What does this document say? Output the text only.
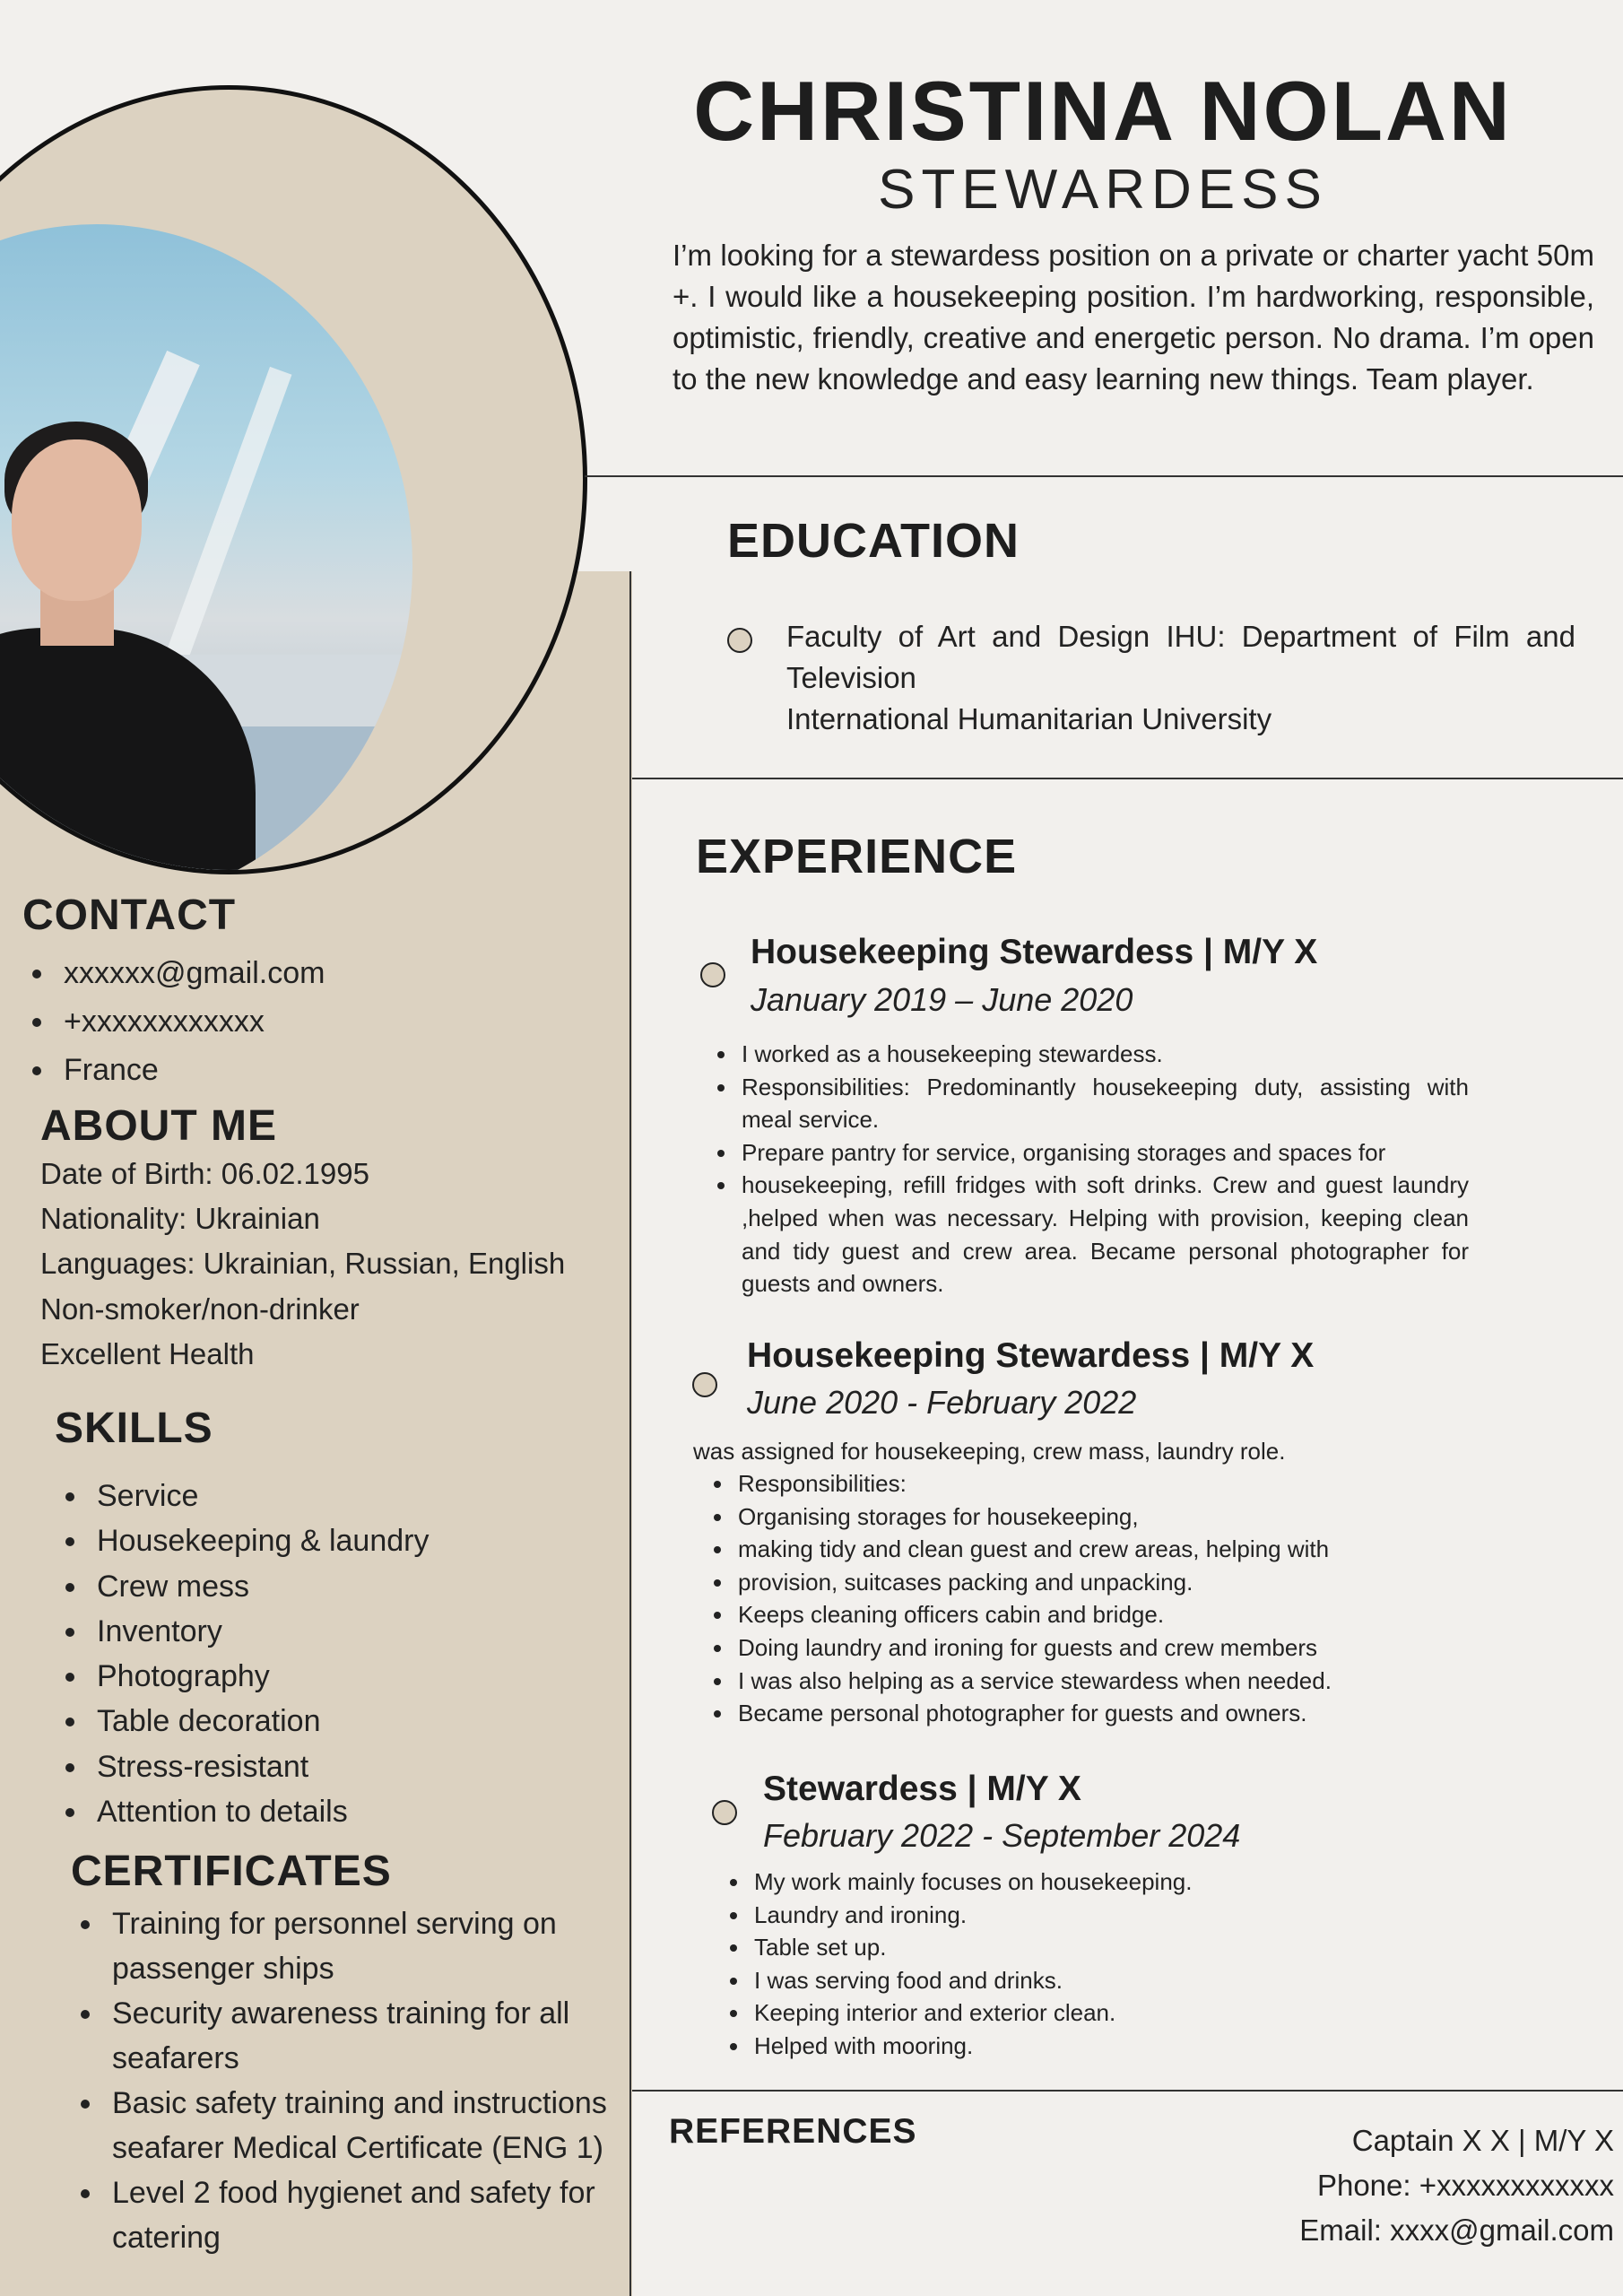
CHRISTINA NOLAN
STEWARDESS
I’m looking for a stewardess position on a private or charter yacht 50m +. I would like a housekeeping position. I’m hardworking, responsible, optimistic, friendly, creative and energetic person. No drama. I’m open to the new knowledge and easy learning new things. Team player.
EDUCATION
Faculty of Art and Design IHU: Department of Film and Television
International Humanitarian University
EXPERIENCE
Housekeeping Stewardess | M/Y X
January 2019 – June 2020
• I worked as a housekeeping stewardess.
• Responsibilities: Predominantly housekeeping duty, assisting with meal service.
• Prepare pantry for service, organising storages and spaces for
• housekeeping, refill fridges with soft drinks. Crew and guest laundry ,helped when was necessary. Helping with provision, keeping clean and tidy guest and crew area. Became personal photographer for guests and owners.
Housekeeping Stewardess | M/Y X
June 2020 - February 2022
was assigned for housekeeping, crew mass, laundry role.
• Responsibilities:
• Organising storages for housekeeping,
• making tidy and clean guest and crew areas, helping with
• provision, suitcases packing and unpacking.
• Keeps cleaning officers cabin and bridge.
• Doing laundry and ironing for guests and crew members
• I was also helping as a service stewardess when needed.
• Became personal photographer for guests and owners.
Stewardess | M/Y X
February 2022 - September 2024
• My work mainly focuses on housekeeping.
• Laundry and ironing.
• Table set up.
• I was serving food and drinks.
• Keeping interior and exterior clean.
• Helped with mooring.
REFERENCES	Captain X X | M/Y X
Phone: +xxxxxxxxxxxx
Email: xxxx@gmail.com
CONTACT
• xxxxxx@gmail.com
• +xxxxxxxxxxxx
• France
ABOUT ME
Date of Birth: 06.02.1995
Nationality: Ukrainian
Languages: Ukrainian, Russian, English
Non-smoker/non-drinker
Excellent Health
SKILLS
• Service
• Housekeeping & laundry
• Crew mess
• Inventory
• Photography
• Table decoration
• Stress-resistant
• Attention to details
CERTIFICATES
• Training for personnel serving on passenger ships
• Security awareness training for all seafarers
• Basic safety training and instructions seafarer Medical Certificate (ENG 1)
• Level 2 food hygienet and safety for catering
